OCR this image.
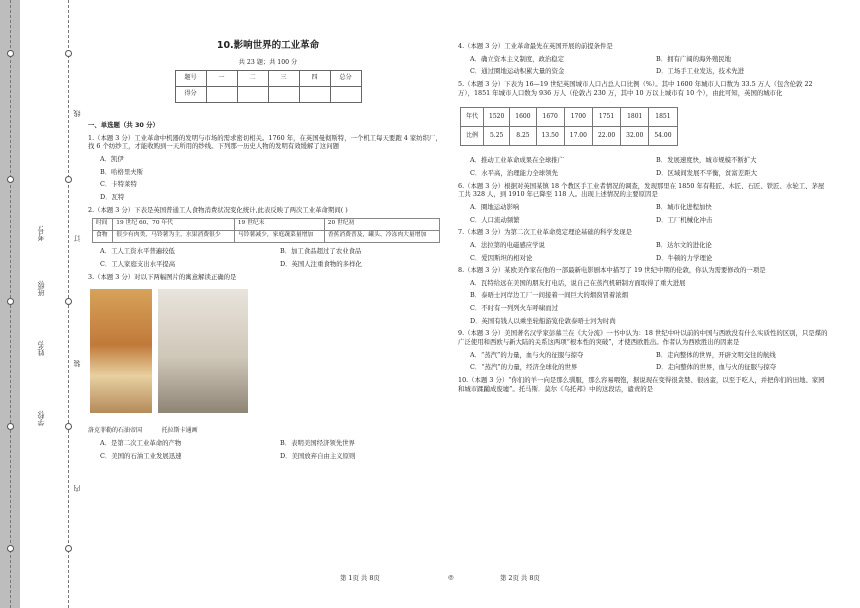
学校:
姓名:
班级:
考号:
线
订
装
内
10.影响世界的工业革命
共 23 题；共 100 分
题号	一	二	三	四	总分
得分					
一、单选题（共 30 分）
1.（本题 3 分）工业革命中机器的发明与市场的需求密切相关。1760 年，在英国曼彻斯特，一个机工每天要跑 4 家纺织厂，找 6 个纺纱工，才能收购到一天所用的纱线。下列那一历史人物的发明有效缓解了这问题
A．凯伊
B．哈格里夫斯
C．卡特莱特
D．瓦特
2.（本题 3 分）下表是英国普通工人食物消费状况变化统计,此表反映了两次工业革命期间( )
时间	19 世纪 60、70 年代	19 世纪末	20 世纪初
食物	很少有肉类，马铃薯为主，水果消费很少	马铃薯减少，家庭蔬菜量增加	香蕉消费普及，罐头、冷冻肉大量增加
A．工人工资水平普遍较低	B．加工食品超过了农业食品
C．工人家庭支出水平提高	D．英国人注重食物的多样化
3.（本题 3 分）对以下两幅图片的寓意解读正确的是
洛克菲勒的石油帝国	托拉斯卡通画
A．是第二次工业革命的产物	B．表明美国经济领先世界
C．美国的石油工业发展迅速	D．美国放弃自由主义原则
4.（本题 3 分）工业革命最先在英国开展的前提条件是
A．确立资本主义制度，政治稳定	B．拥有广阔的海外殖民地
C．通过圈地运动积累大量的资金	D．工场手工业发达，技术先进
5.（本题 3 分）下表为 16—19 世纪英国城市人口占总人口比例（%）。其中 1600 年城市人口数为 33.5 万人（包含伦敦 22 万），1851 年城市人口数为 936 万人（伦敦占 230 万，其中 10 万以上城市有 10 个），由此可知，英国的城市化
年代	1520	1600	1670	1700	1751	1801	1851
比例	5.25	8.25	13.50	17.00	22.00	32.00	54.00
A．推动工业革命成果在全球推广	B．发展速度快，城市规模不断扩大
C．水平高，治理能力全球领先	D．区域间发展不平衡，贫富差距大
6.（本题 3 分）根据对英国某镇 18 个教区手工业者情况的调查，发现那里在 1850 年有鞋匠、木匠、石匠、铁匠、水轮工、茅屋工共 328 人，到 1910 年已降至 118 人。出现上述情况的主要原因是
A．圈地运动影响	B．城市化进程加快
C．人口流动频繁	D．工厂机械化冲击
7.（本题 3 分）为第二次工业革命奠定理论基础的科学发现是
A．法拉第的电磁感应学说	B．达尔文的进化论
C．爱因斯坦的相对论	D．牛顿的力学理论
8.（本题 3 分）某欧美作家在他的一部最新电影剧本中描写了 19 世纪中期的伦敦，你认为需要修改的一项是
A．瓦特给远在美国的朋友打电话，说自己在蒸汽机研制方面取得了重大进展
B．泰晤士河岸边工厂一间接着一间巨大的烟囱冒着浓烟
C．不时有一列列火车呼啸而过
D．英国有钱人以乘坐轮船游览伦敦泰晤士河为时尚
9.（本题 3 分）美国著名汉学家彭慕兰在《大分流》一书中认为：18 世纪中叶以前的中国与西欧没有什么实质性的区别，只是煤的广泛使用和西欧与新大陆的关系这两项“根本性的突破”，才使西欧胜出。作者认为西欧胜出的因素是
A．“蒸汽”的力量，血与火的征服与掠夺	B．走向整体的世界，开辟文明交往的航线
C．“蒸汽”的力量，经济全球化的世界	D．走向整体的世界，血与火的征服与掠夺
10.（本题 3 分）“你们的羊一向是那么驯服，那么容易喂饱，据说现在变得很贪婪、很凶蛮，以至于吃人，并把你们的田地、家园和城市蹂躏成废墟”。托马斯．莫尔《乌托邦》中的这段话，谴责的是
第 1页 共 8页	◎	第 2页 共 8页
